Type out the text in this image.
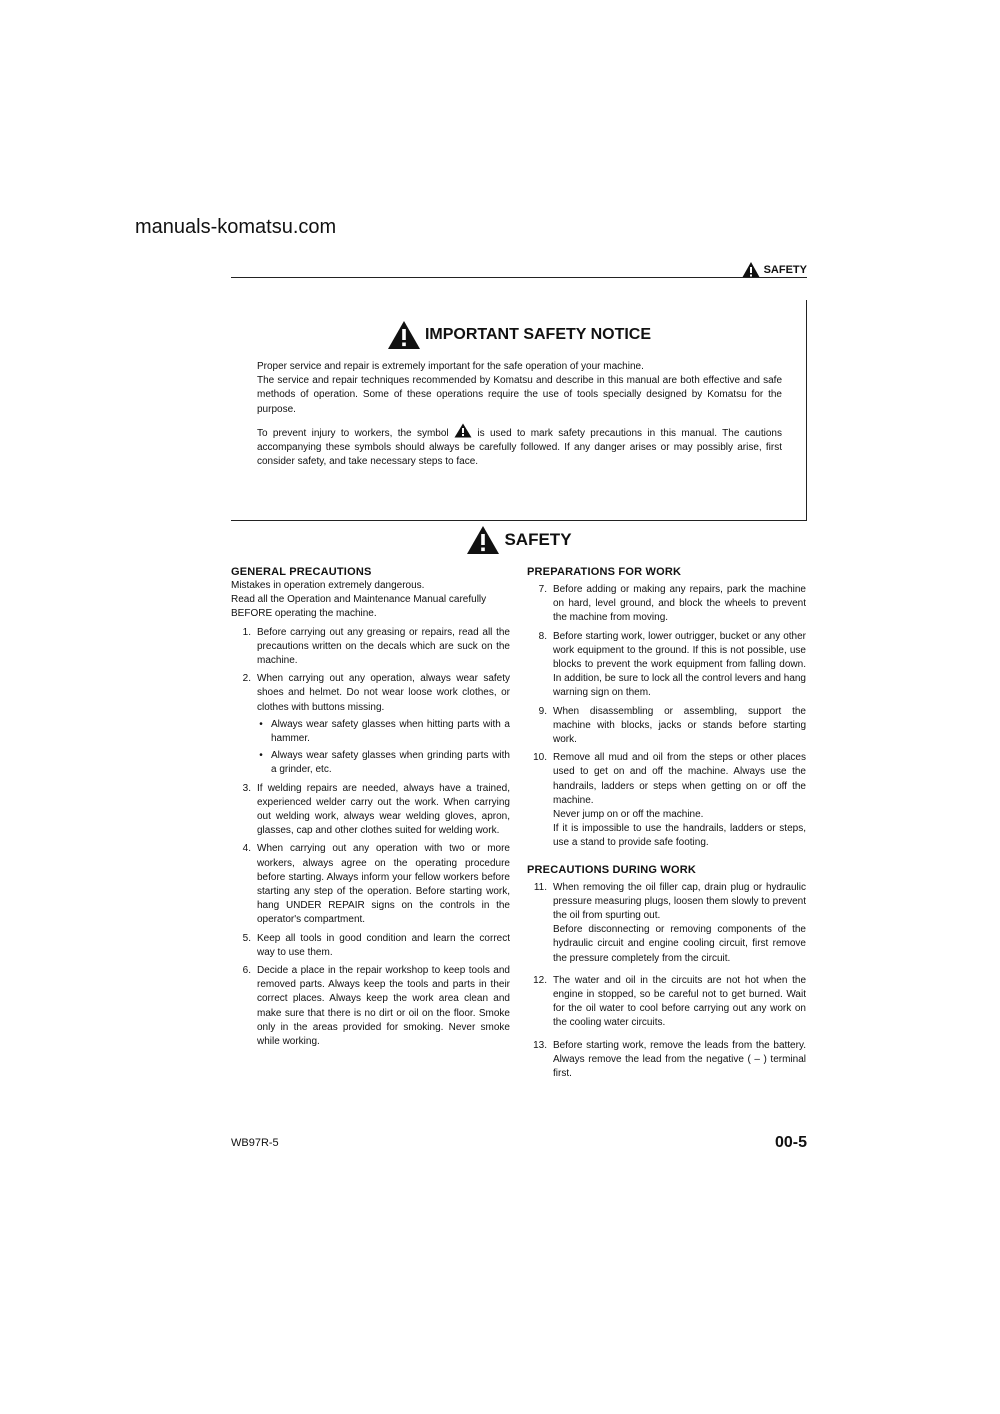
manuals-komatsu.com
SAFETY
IMPORTANT SAFETY NOTICE

Proper service and repair is extremely important for the safe operation of your machine.

The service and repair techniques recommended by Komatsu and describe in this manual are both effective and safe methods of operation. Some of these operations require the use of tools specially designed by Komatsu for the purpose.

To prevent injury to workers, the symbol	is used to mark safety precautions in this manual. The cautions accompanying these symbols should always be carefully followed. If any danger arises or may possibly arise, first consider safety, and take necessary steps to face.

SAFETY
GENERAL PRECAUTIONS

Mistakes in operation extremely dangerous.

Read all the Operation and Maintenance Manual carefully BEFORE operating the machine.

1. Before carrying out any greasing or repairs, read all the precautions written on the decals which are suck on the machine.
2. When carrying out any operation, always wear safety shoes and helmet. Do not wear loose work clothes, or clothes with buttons missing.
• Always wear safety glasses when hitting parts with a hammer.
• Always wear safety glasses when grinding parts with a grinder, etc.
3. If welding repairs are needed, always have a trained, experienced welder carry out the work. When carrying out welding work, always wear welding gloves, apron, glasses, cap and other clothes suited for welding work.
4. When carrying out any operation with two or more workers, always agree on the operating procedure before starting. Always inform your fellow workers before starting any step of the operation. Before starting work, hang UNDER REPAIR signs on the controls in the operator's compartment.
5. Keep all tools in good condition and learn the correct way to use them.
6. Decide a place in the repair workshop to keep tools and removed parts. Always keep the tools and parts in their correct places. Always keep the work area clean and make sure that there is no dirt or oil on the floor. Smoke only in the areas provided for smoking. Never smoke while working.
PREPARATIONS FOR WORK
7. Before adding or making any repairs, park the machine on hard, level ground, and block the wheels to prevent the machine from moving.
8. Before starting work, lower outrigger, bucket or any other work equipment to the ground. If this is not possible, use blocks to prevent the work equipment from falling down. In addition, be sure to lock all the control levers and hang warning sign on them.
9. When disassembling or assembling, support the machine with blocks, jacks or stands before starting work.
10. Remove all mud and oil from the steps or other places used to get on and off the machine. Always use the handrails, ladders or steps when getting on or off the machine.
Never jump on or off the machine.
If it is impossible to use the handrails, ladders or steps, use a stand to provide safe footing.
PRECAUTIONS DURING WORK
11. When removing the oil filler cap, drain plug or hydraulic pressure measuring plugs, loosen them slowly to prevent the oil from spurting out.
Before disconnecting or removing components of the hydraulic circuit and engine cooling circuit, first remove the pressure completely from the circuit.
12. The water and oil in the circuits are not hot when the engine in stopped, so be careful not to get burned. Wait for the oil water to cool before carrying out any work on the cooling water circuits.
13. Before starting work, remove the leads from the battery. Always remove the lead from the negative ( – ) terminal first.
WB97R-5	00-5
